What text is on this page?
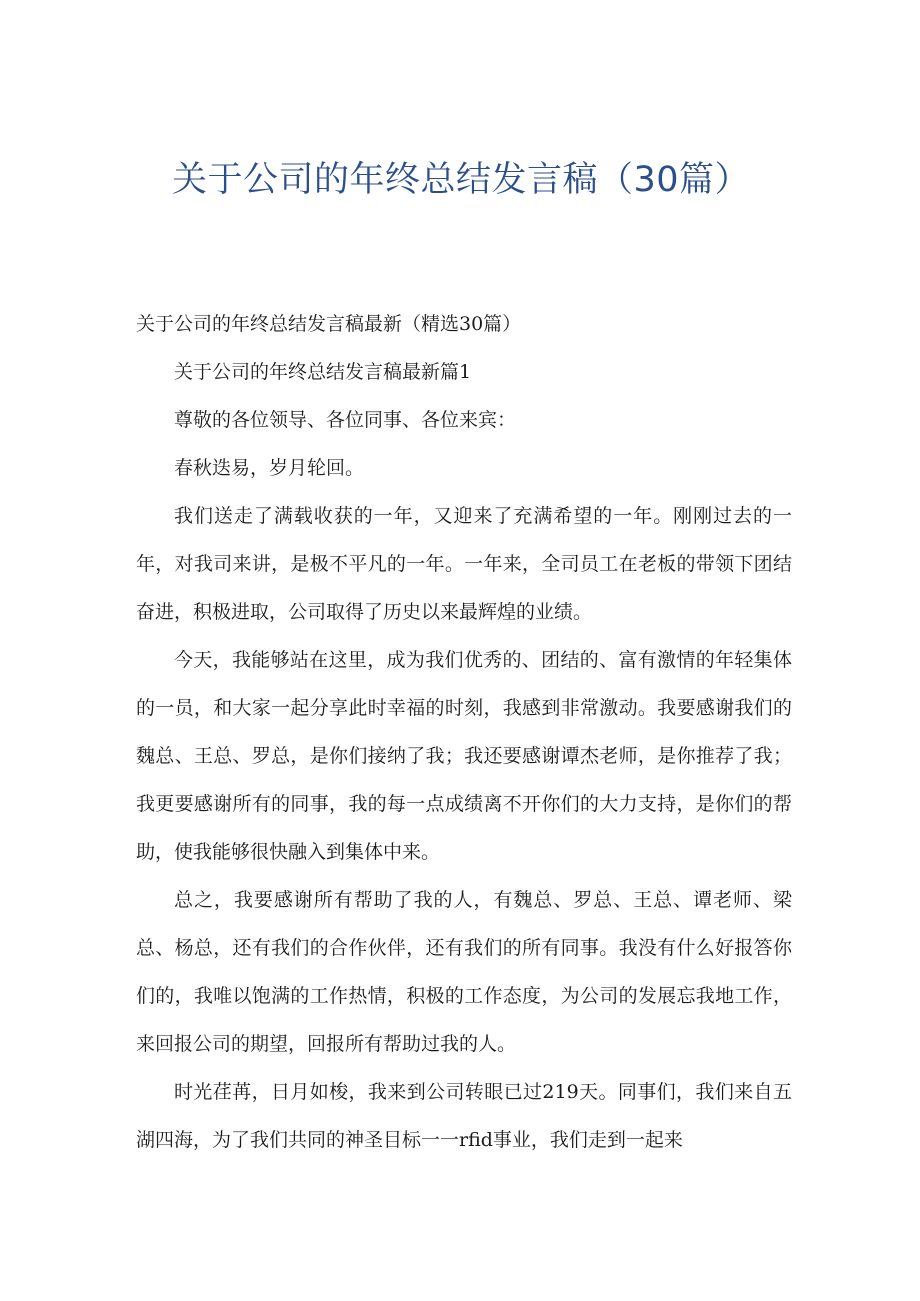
关于公司的年终总结发言稿（30篇）

关于公司的年终总结发言稿最新（精选30篇）

关于公司的年终总结发言稿最新篇1

尊敬的各位领导、各位同事、各位来宾：

春秋迭易，岁月轮回。

我们送走了满载收获的一年，又迎来了充满希望的一年。刚刚过去的一年，对我司来讲，是极不平凡的一年。一年来，全司员工在老板的带领下团结奋进，积极进取，公司取得了历史以来最辉煌的业绩。

今天，我能够站在这里，成为我们优秀的、团结的、富有激情的年轻集体的一员，和大家一起分享此时幸福的时刻，我感到非常激动。我要感谢我们的魏总、王总、罗总，是你们接纳了我；我还要感谢谭杰老师，是你推荐了我；我更要感谢所有的同事，我的每一点成绩离不开你们的大力支持，是你们的帮助，使我能够很快融入到集体中来。

总之，我要感谢所有帮助了我的人，有魏总、罗总、王总、谭老师、梁总、杨总，还有我们的合作伙伴，还有我们的所有同事。我没有什么好报答你们的，我唯以饱满的工作热情，积极的工作态度，为公司的发展忘我地工作，来回报公司的期望，回报所有帮助过我的人。

时光荏苒，日月如梭，我来到公司转眼已过219天。同事们，我们来自五湖四海，为了我们共同的神圣目标一一rfid事业，我们走到一起来
